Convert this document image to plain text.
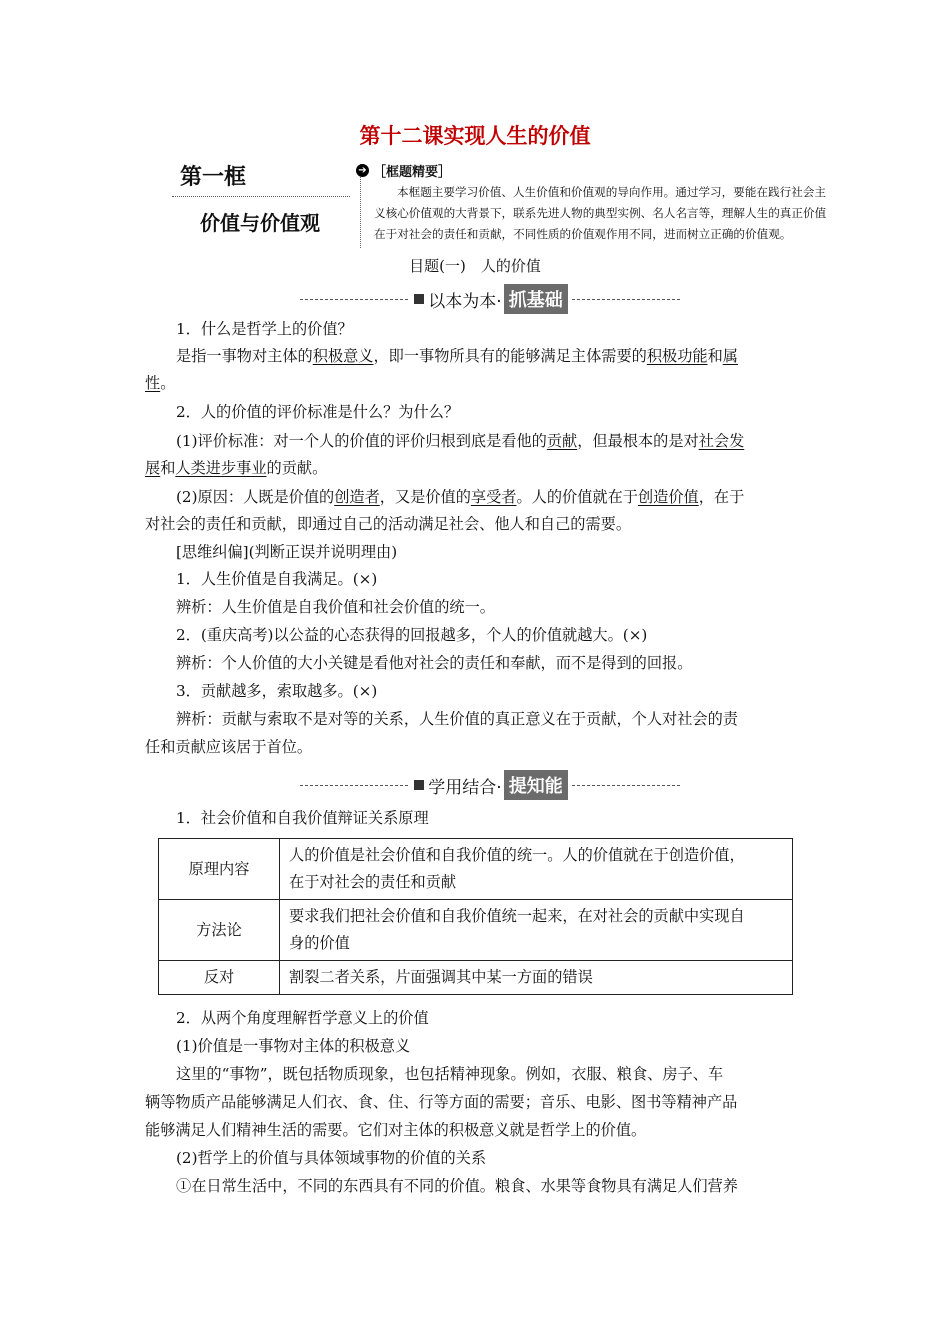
第十二课实现人生的价值
第一框
价值与价值观
➔ ［框题精要］
本框题主要学习价值、人生价值和价值观的导向作用。通过学习，要能在践行社会主义核心价值观的大背景下，联系先进人物的典型实例、名人名言等，理解人生的真正价值在于对社会的责任和贡献，不同性质的价值观作用不同，进而树立正确的价值观。
目题(一)　人的价值
以本为本· 抓基础
1．什么是哲学上的价值？
是指一事物对主体的积极意义，即一事物所具有的能够满足主体需要的积极功能和属
性。
2．人的价值的评价标准是什么？为什么？
(1)评价标准：对一个人的价值的评价归根到底是看他的贡献，但最根本的是对社会发
展和人类进步事业的贡献。
(2)原因：人既是价值的创造者，又是价值的享受者。人的价值就在于创造价值，在于
对社会的责任和贡献，即通过自己的活动满足社会、他人和自己的需要。
[思维纠偏](判断正误并说明理由)
1．人生价值是自我满足。(×)
辨析：人生价值是自我价值和社会价值的统一。
2．(重庆高考)以公益的心态获得的回报越多，个人的价值就越大。(×)
辨析：个人价值的大小关键是看他对社会的责任和奉献，而不是得到的回报。
3．贡献越多，索取越多。(×)
辨析：贡献与索取不是对等的关系，人生价值的真正意义在于贡献，个人对社会的责
任和贡献应该居于首位。
学用结合· 提知能
1．社会价值和自我价值辩证关系原理
原理内容	人的价值是社会价值和自我价值的统一。人的价值就在于创造价值，
在于对社会的责任和贡献

方法论	要求我们把社会价值和自我价值统一起来，在对社会的贡献中实现自
身的价值

反对	割裂二者关系，片面强调其中某一方面的错误
2．从两个角度理解哲学意义上的价值
(1)价值是一事物对主体的积极意义
这里的“事物”，既包括物质现象，也包括精神现象。例如，衣服、粮食、房子、车
辆等物质产品能够满足人们衣、食、住、行等方面的需要；音乐、电影、图书等精神产品
能够满足人们精神生活的需要。它们对主体的积极意义就是哲学上的价值。
(2)哲学上的价值与具体领域事物的价值的关系
①在日常生活中，不同的东西具有不同的价值。粮食、水果等食物具有满足人们营养
